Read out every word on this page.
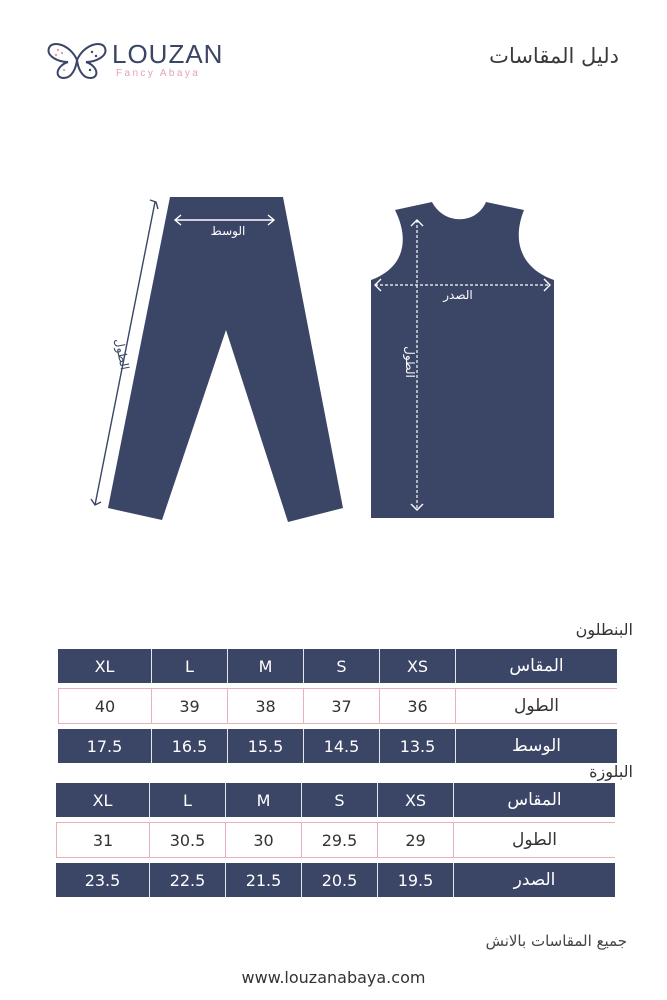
LOUZAN
Fancy Abaya
دليل المقاسات
الوسط
الطول
الصدر
الطول
البنطلون
المقاس	XS	S	M	L	XL

الطول	36	37	38	39	40

الوسط	13.5	14.5	15.5	16.5	17.5
البلوزة
المقاس	XS	S	M	L	XL

الطول	29	29.5	30	30.5	31

الصدر	19.5	20.5	21.5	22.5	23.5
جميع المقاسات بالانش
www.louzanabaya.com
